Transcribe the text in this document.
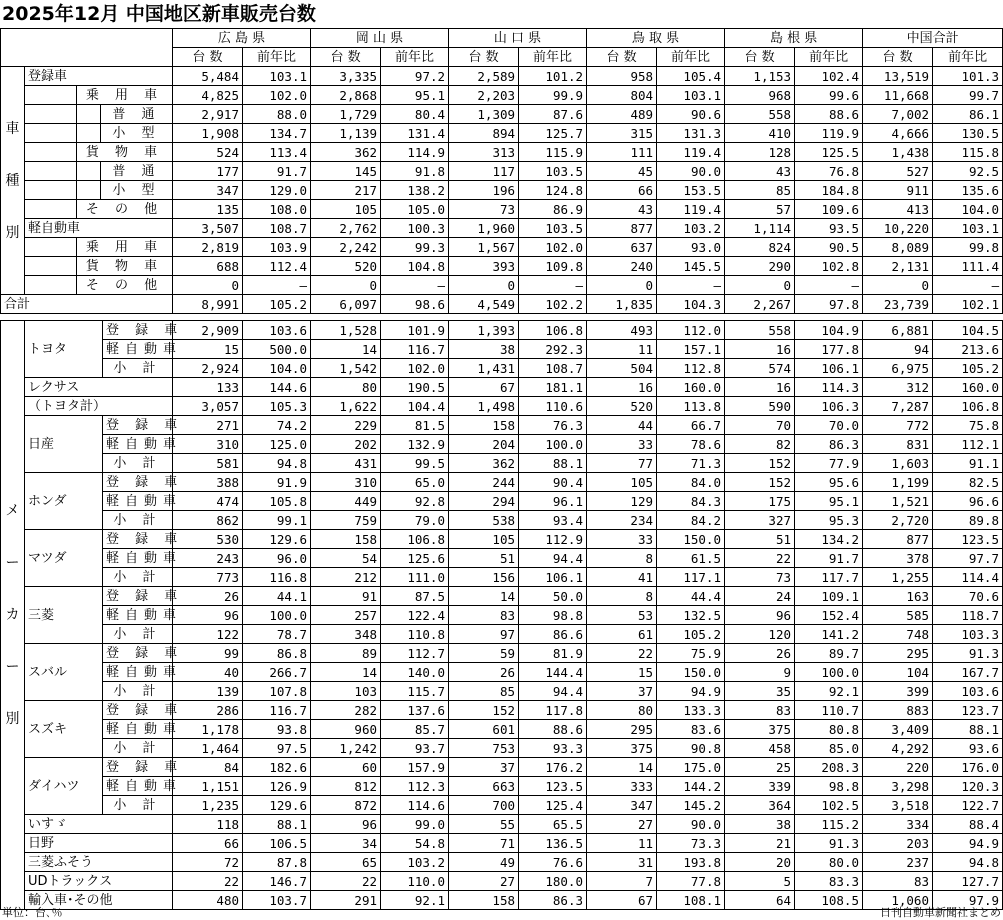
2025年12月 中国地区新車販売台数
				広 島 県		岡 山 県		山 口 県		鳥 取 県		島 根 県		中国合計	
				台 数	前年比	台 数	前年比	台 数	前年比	台 数	前年比	台 数	前年比	台 数	前年比
車種別	登録車			5,484	103.1	3,335	97.2	2,589	101.2	958	105.4	1,153	102.4	13,519	101.3
		乗 用 車		4,825	102.0	2,868	95.1	2,203	99.9	804	103.1	968	99.6	11,668	99.7
			普 通	2,917	88.0	1,729	80.4	1,309	87.6	489	90.6	558	88.6	7,002	86.1
			小 型	1,908	134.7	1,139	131.4	894	125.7	315	131.3	410	119.9	4,666	130.5
		貨 物 車		524	113.4	362	114.9	313	115.9	111	119.4	128	125.5	1,438	115.8
			普 通	177	91.7	145	91.8	117	103.5	45	90.0	43	76.8	527	92.5
			小 型	347	129.0	217	138.2	196	124.8	66	153.5	85	184.8	911	135.6
		そ の 他		135	108.0	105	105.0	73	86.9	43	119.4	57	109.6	413	104.0
	軽自動車			3,507	108.7	2,762	100.3	1,960	103.5	877	103.2	1,114	93.5	10,220	103.1
		乗 用 車		2,819	103.9	2,242	99.3	1,567	102.0	637	93.0	824	90.5	8,089	99.8
		貨 物 車		688	112.4	520	104.8	393	109.8	240	145.5	290	102.8	2,131	111.4
		そ の 他		0	—	0	—	0	—	0	—	0	—	0	—
合計				8,991	105.2	6,097	98.6	4,549	102.2	1,835	104.3	2,267	97.8	23,739	102.1
メーカー別	トヨタ	登 録 車	2,909	103.6	1,528	101.9	1,393	106.8	493	112.0	558	104.9	6,881	104.5
		軽自動車	15	500.0	14	116.7	38	292.3	11	157.1	16	177.8	94	213.6
		小 計	2,924	104.0	1,542	102.0	1,431	108.7	504	112.8	574	106.1	6,975	105.2
	レクサス		133	144.6	80	190.5	67	181.1	16	160.0	16	114.3	312	160.0
	（トヨタ計）		3,057	105.3	1,622	104.4	1,498	110.6	520	113.8	590	106.3	7,287	106.8
	日産	登 録 車	271	74.2	229	81.5	158	76.3	44	66.7	70	70.0	772	75.8
		軽自動車	310	125.0	202	132.9	204	100.0	33	78.6	82	86.3	831	112.1
		小 計	581	94.8	431	99.5	362	88.1	77	71.3	152	77.9	1,603	91.1
	ホンダ	登 録 車	388	91.9	310	65.0	244	90.4	105	84.0	152	95.6	1,199	82.5
		軽自動車	474	105.8	449	92.8	294	96.1	129	84.3	175	95.1	1,521	96.6
		小 計	862	99.1	759	79.0	538	93.4	234	84.2	327	95.3	2,720	89.8
	マツダ	登 録 車	530	129.6	158	106.8	105	112.9	33	150.0	51	134.2	877	123.5
		軽自動車	243	96.0	54	125.6	51	94.4	8	61.5	22	91.7	378	97.7
		小 計	773	116.8	212	111.0	156	106.1	41	117.1	73	117.7	1,255	114.4
	三菱	登 録 車	26	44.1	91	87.5	14	50.0	8	44.4	24	109.1	163	70.6
		軽自動車	96	100.0	257	122.4	83	98.8	53	132.5	96	152.4	585	118.7
		小 計	122	78.7	348	110.8	97	86.6	61	105.2	120	141.2	748	103.3
	スバル	登 録 車	99	86.8	89	112.7	59	81.9	22	75.9	26	89.7	295	91.3
		軽自動車	40	266.7	14	140.0	26	144.4	15	150.0	9	100.0	104	167.7
		小 計	139	107.8	103	115.7	85	94.4	37	94.9	35	92.1	399	103.6
	スズキ	登 録 車	286	116.7	282	137.6	152	117.8	80	133.3	83	110.7	883	123.7
		軽自動車	1,178	93.8	960	85.7	601	88.6	295	83.6	375	80.8	3,409	88.1
		小 計	1,464	97.5	1,242	93.7	753	93.3	375	90.8	458	85.0	4,292	93.6
	ダイハツ	登 録 車	84	182.6	60	157.9	37	176.2	14	175.0	25	208.3	220	176.0
		軽自動車	1,151	126.9	812	112.3	663	123.5	333	144.2	339	98.8	3,298	120.3
		小 計	1,235	129.6	872	114.6	700	125.4	347	145.2	364	102.5	3,518	122.7
	いすゞ		118	88.1	96	99.0	55	65.5	27	90.0	38	115.2	334	88.4
	日野		66	106.5	34	54.8	71	136.5	11	73.3	21	91.3	203	94.9
	三菱ふそう		72	87.8	65	103.2	49	76.6	31	193.8	20	80.0	237	94.8
	UDトラックス		22	146.7	22	110.0	27	180.0	7	77.8	5	83.3	83	127.7
	輸入車･その他		480	103.7	291	92.1	158	86.3	67	108.1	64	108.5	1,060	97.9
単位：台､％	日刊自動車新聞社まとめ
